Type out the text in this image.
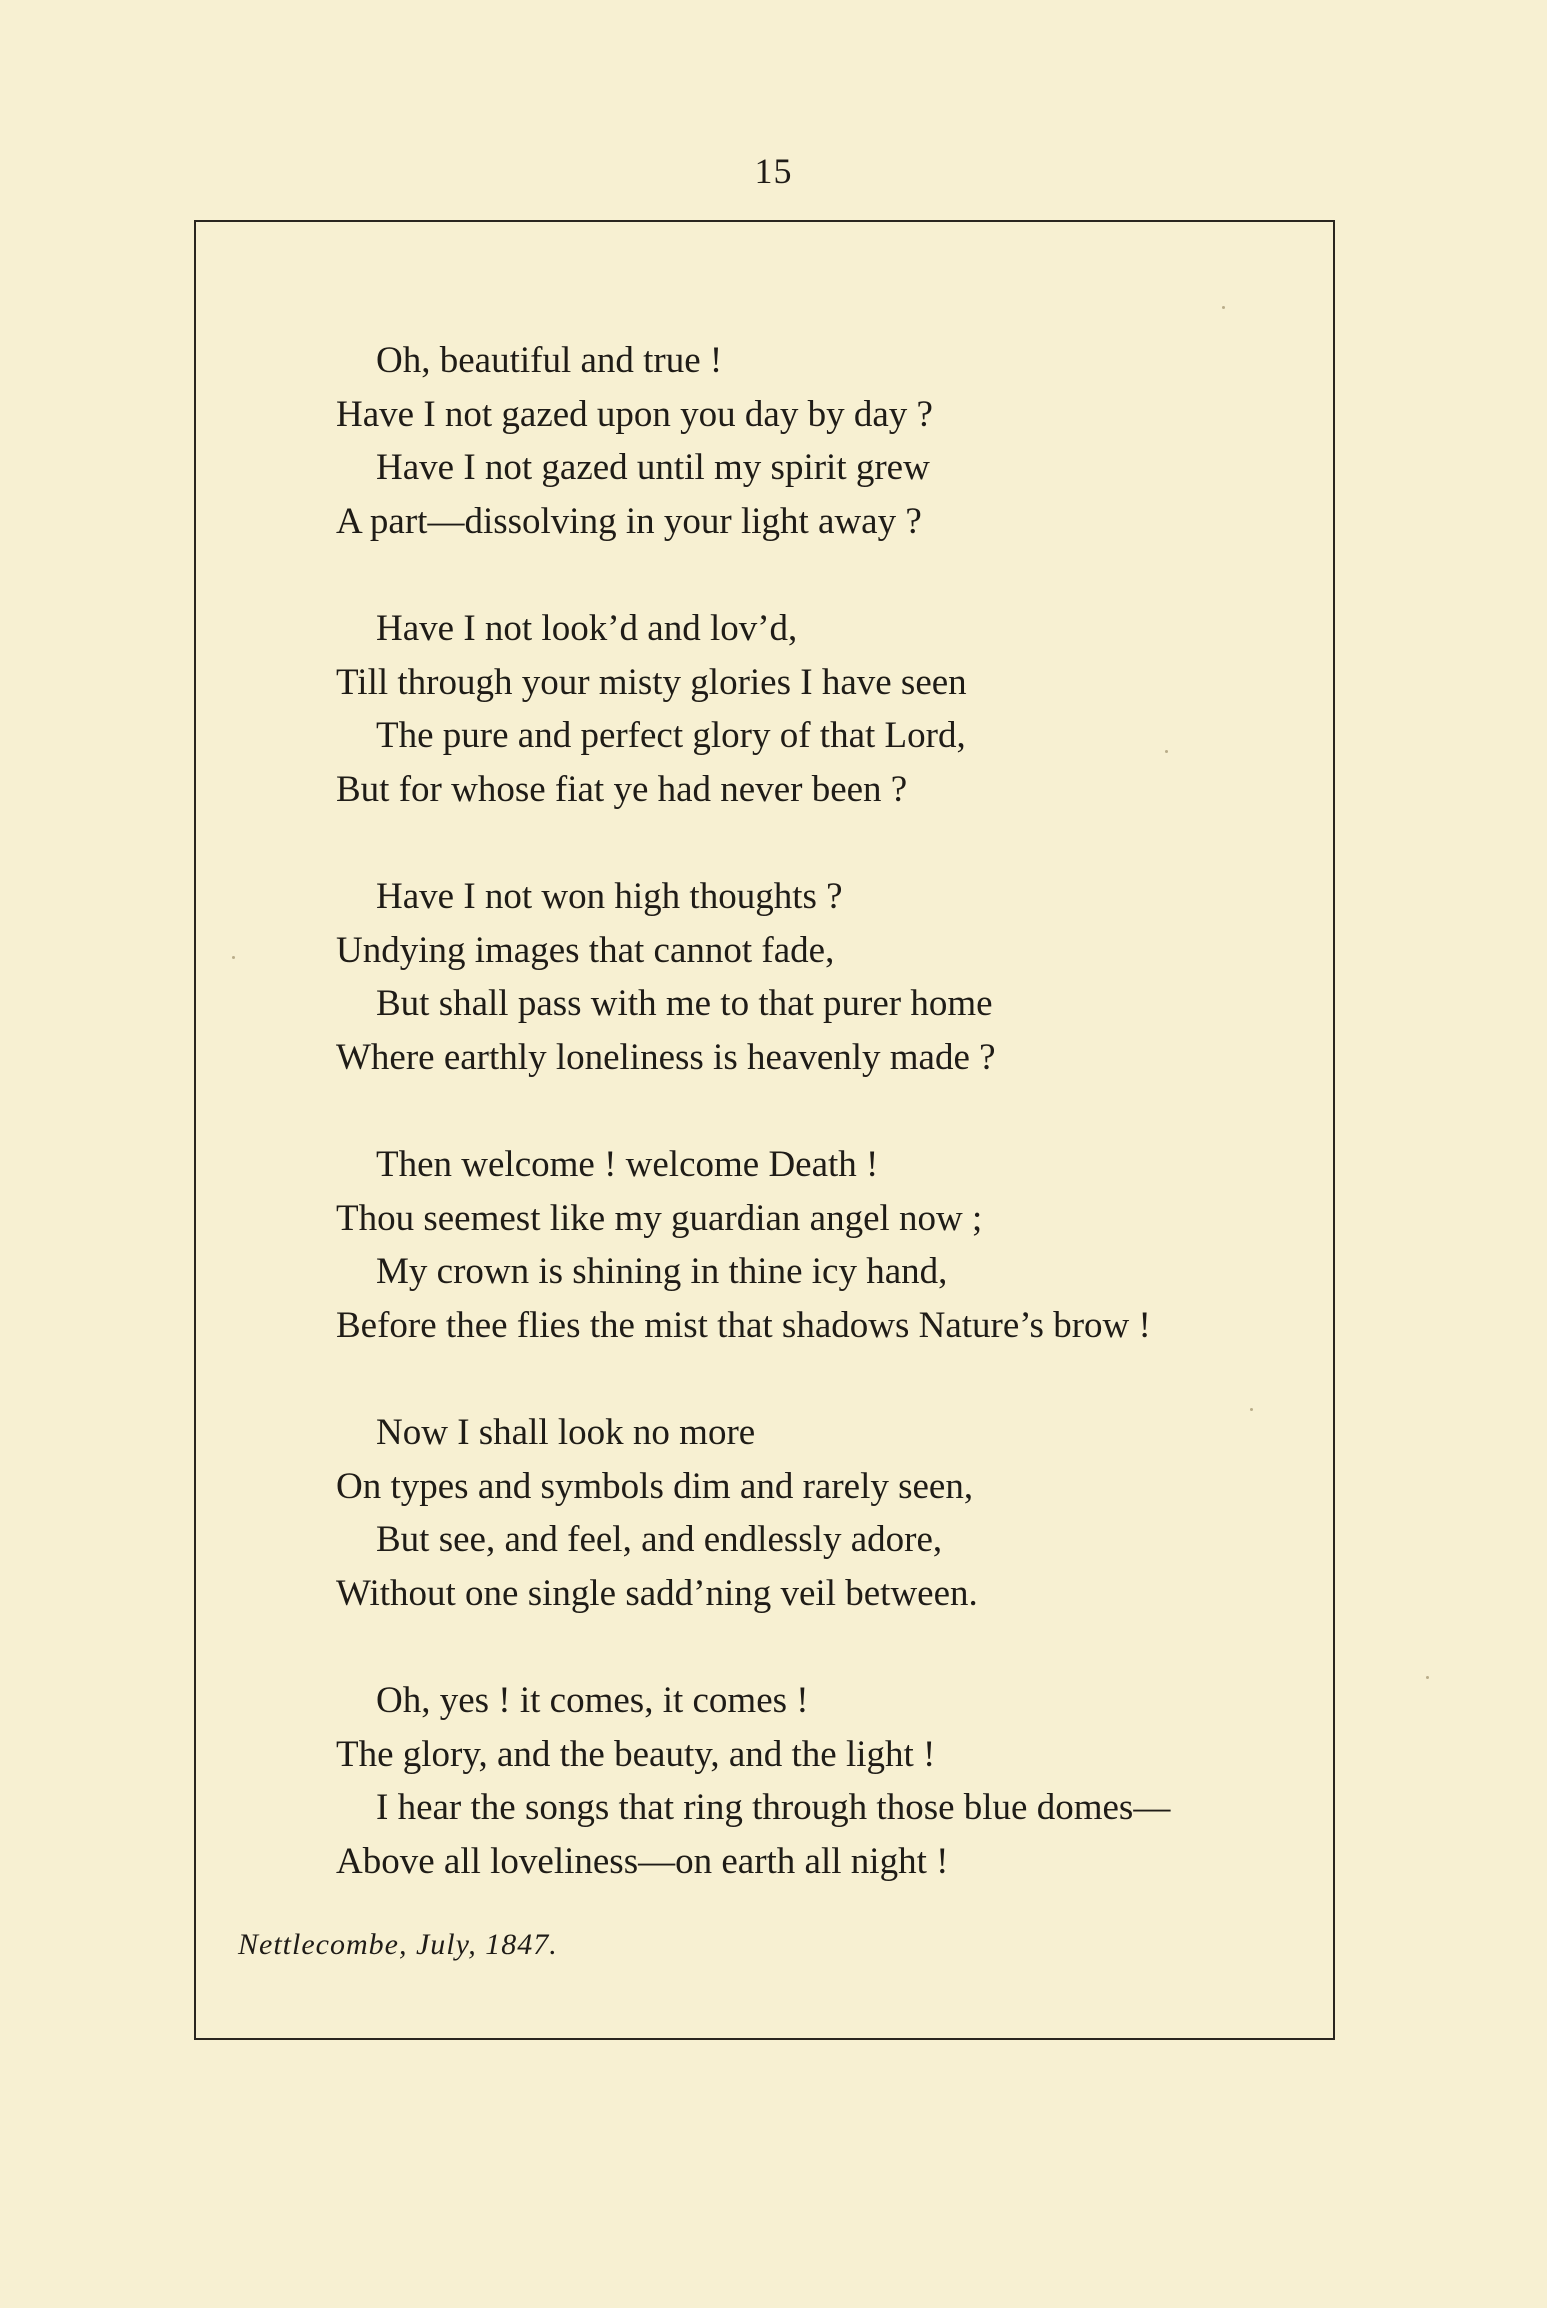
15
Oh, beautiful and true !
Have I not gazed upon you day by day ?
Have I not gazed until my spirit grew
A part—dissolving in your light away ?
Have I not look’d and lov’d,
Till through your misty glories I have seen
The pure and perfect glory of that Lord,
But for whose fiat ye had never been ?
Have I not won high thoughts ?
Undying images that cannot fade,
But shall pass with me to that purer home
Where earthly loneliness is heavenly made ?
Then welcome ! welcome Death !
Thou seemest like my guardian angel now ;
My crown is shining in thine icy hand,
Before thee flies the mist that shadows Nature’s brow !
Now I shall look no more
On types and symbols dim and rarely seen,
But see, and feel, and endlessly adore,
Without one single sadd’ning veil between.
Oh, yes ! it comes, it comes !
The glory, and the beauty, and the light !
I hear the songs that ring through those blue domes—
Above all loveliness—on earth all night !
Nettlecombe, July, 1847.
